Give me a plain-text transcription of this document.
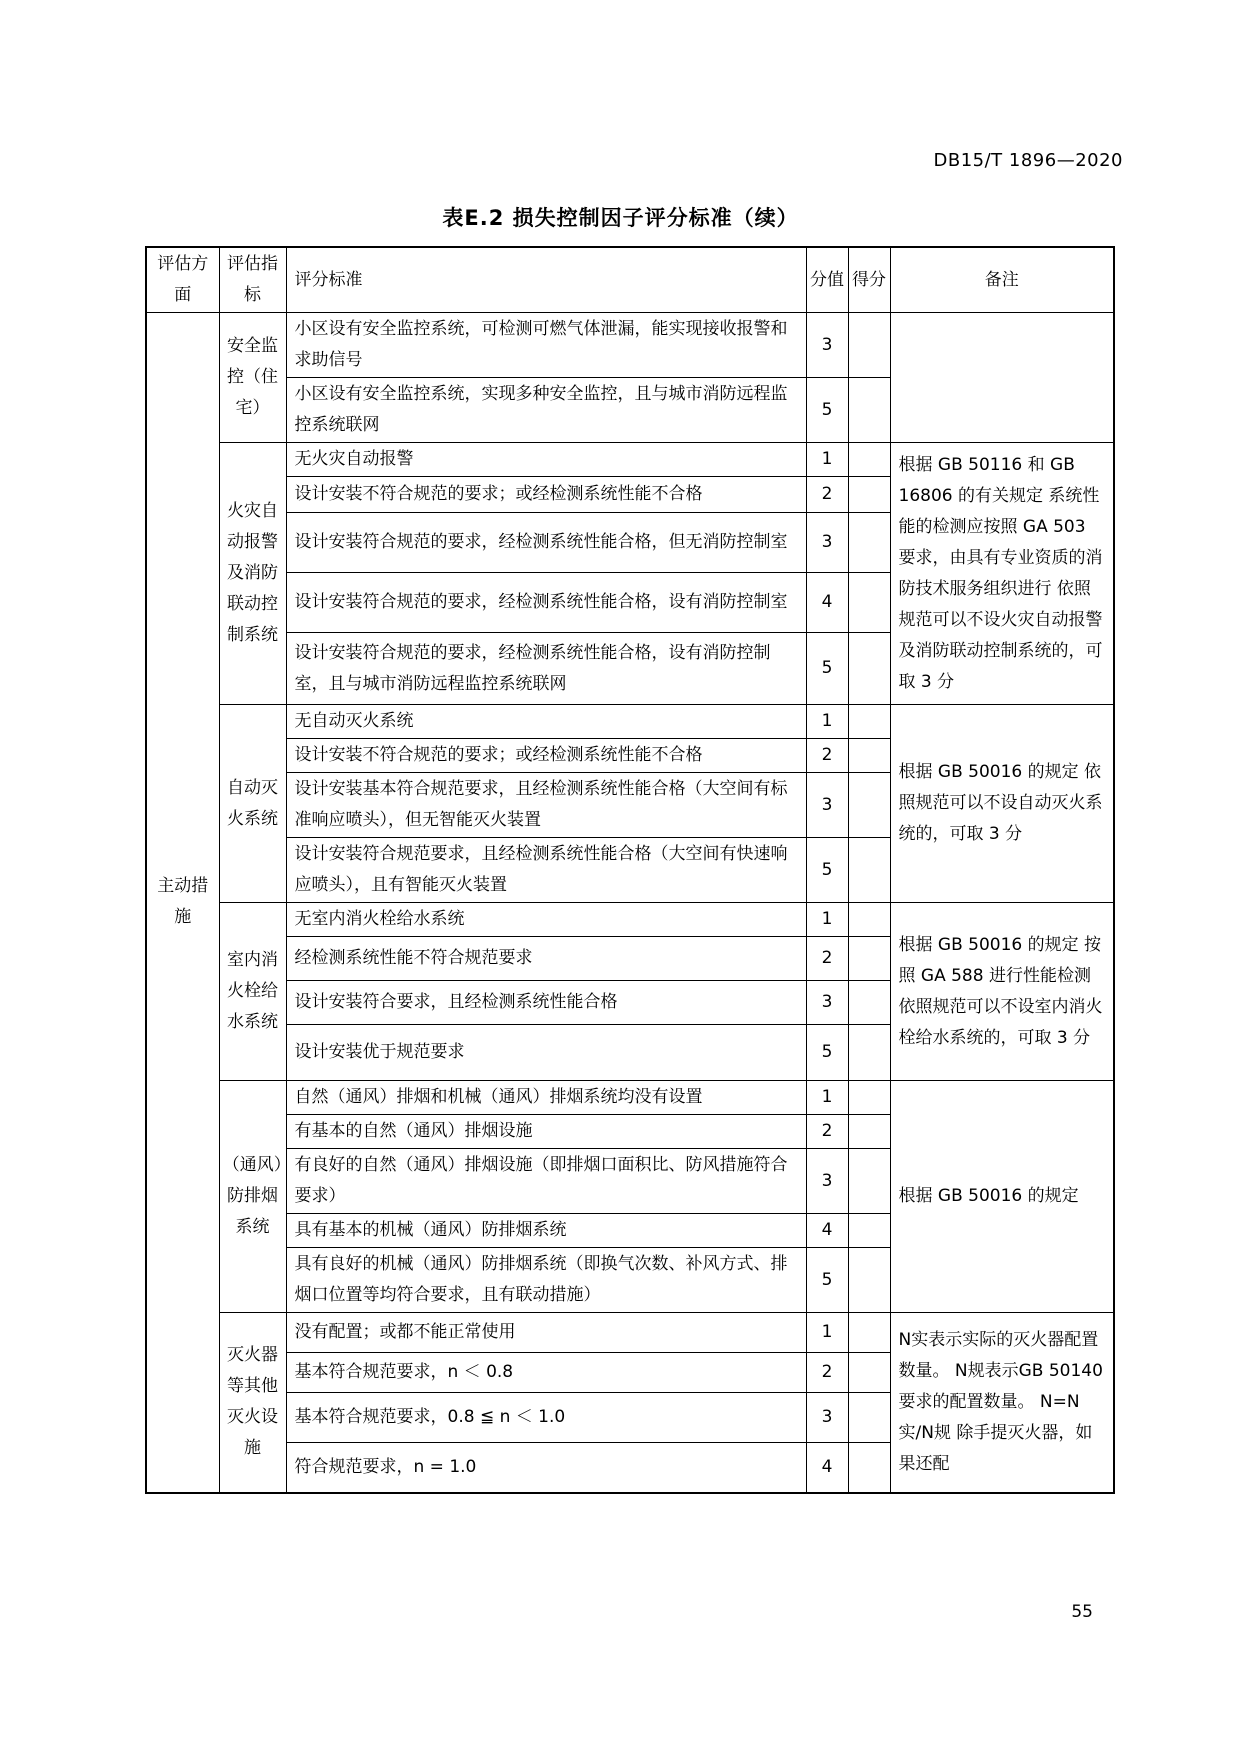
DB15/T 1896—2020
表E.2 损失控制因子评分标准（续）
评估方面	评估指标	评分标准	分值	得分	备注
主动措施	安全监控（住宅）	小区设有安全监控系统，可检测可燃气体泄漏，能实现接收报警和求助信号	3		
		小区设有安全监控系统，实现多种安全监控，且与城市消防远程监控系统联网	5		
	火灾自动报警及消防联动控制系统	无火灾自动报警	1		根据 GB 50116 和 GB 16806 的有关规定 系统性能的检测应按照 GA 503 要求，由具有专业资质的消防技术服务组织进行 依照规范可以不设火灾自动报警及消防联动控制系统的，可取 3 分
		设计安装不符合规范的要求；或经检测系统性能不合格	2		
		设计安装符合规范的要求，经检测系统性能合格，但无消防控制室	3		
		设计安装符合规范的要求，经检测系统性能合格，设有消防控制室	4		
		设计安装符合规范的要求，经检测系统性能合格，设有消防控制室，且与城市消防远程监控系统联网	5		
	自动灭火系统	无自动灭火系统	1		根据 GB 50016 的规定 依照规范可以不设自动灭火系统的，可取 3 分
		设计安装不符合规范的要求；或经检测系统性能不合格	2		
		设计安装基本符合规范要求，且经检测系统性能合格（大空间有标准响应喷头），但无智能灭火装置	3		
		设计安装符合规范要求，且经检测系统性能合格（大空间有快速响应喷头），且有智能灭火装置	5		
	室内消火栓给水系统	无室内消火栓给水系统	1		根据 GB 50016 的规定 按照 GA 588 进行性能检测 依照规范可以不设室内消火栓给水系统的，可取 3 分
		经检测系统性能不符合规范要求	2		
		设计安装符合要求，且经检测系统性能合格	3		
		设计安装优于规范要求	5		
	（通风）防排烟系统	自然（通风）排烟和机械（通风）排烟系统均没有设置	1		根据 GB 50016 的规定
		有基本的自然（通风）排烟设施	2		
		有良好的自然（通风）排烟设施（即排烟口面积比、防风措施符合要求）	3		
		具有基本的机械（通风）防排烟系统	4		
		具有良好的机械（通风）防排烟系统（即换气次数、补风方式、排烟口位置等均符合要求，且有联动措施）	5		
	灭火器等其他灭火设施	没有配置；或都不能正常使用	1		N实表示实际的灭火器配置数量。 N规表示GB 50140要求的配置数量。 N=N实/N规 除手提灭火器，如果还配
		基本符合规范要求，n ＜ 0.8	2		
		基本符合规范要求，0.8 ≦ n ＜ 1.0	3		
		符合规范要求，n = 1.0	4		
55
